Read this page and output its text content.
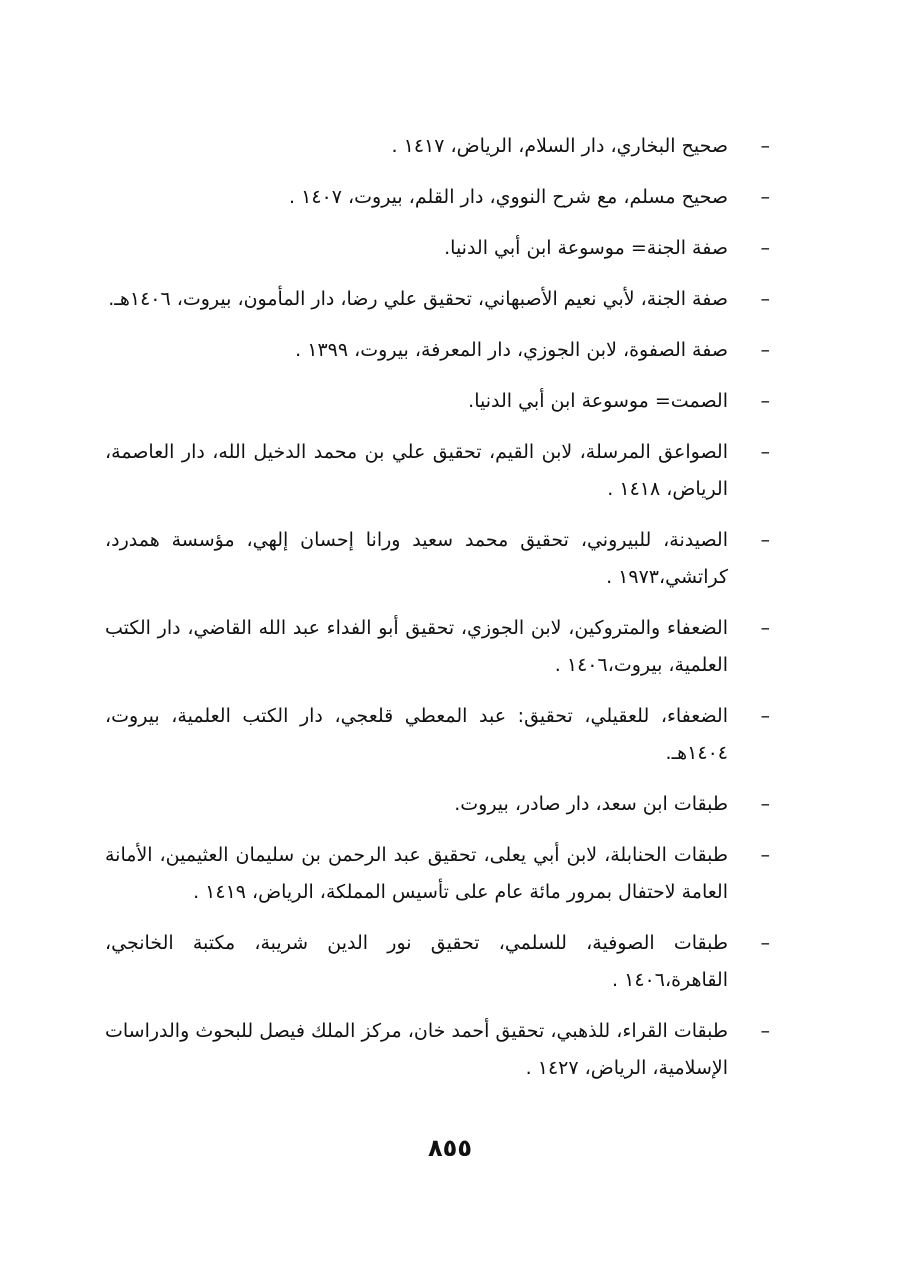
–
صحيح البخاري، دار السلام، الرياض، ١٤١٧ .
–
صحيح مسلم، مع شرح النووي، دار القلم، بيروت، ١٤٠٧ .
–
صفة الجنة= موسوعة ابن أبي الدنيا.
–
صفة الجنة، لأبي نعيم الأصبهاني، تحقيق علي رضا، دار المأمون، بيروت، ١٤٠٦هـ.
–
صفة الصفوة، لابن الجوزي، دار المعرفة، بيروت، ١٣٩٩ .
–
الصمت= موسوعة ابن أبي الدنيا.
–
الصواعق المرسلة، لابن القيم، تحقيق علي بن محمد الدخيل الله، دار العاصمة، الرياض، ١٤١٨ .
–
الصيدنة، للبيروني، تحقيق محمد سعيد ورانا إحسان إلهي، مؤسسة همدرد، كراتشي،١٩٧٣ .
–
الضعفاء والمتروكين، لابن الجوزي، تحقيق أبو الفداء عبد الله القاضي، دار الكتب العلمية، بيروت،١٤٠٦ .
–
الضعفاء، للعقيلي، تحقيق: عبد المعطي قلعجي، دار الكتب العلمية، بيروت، ١٤٠٤هـ.
–
طبقات ابن سعد، دار صادر، بيروت.
–
طبقات الحنابلة، لابن أبي يعلى، تحقيق عبد الرحمن بن سليمان العثيمين، الأمانة العامة لاحتفال بمرور مائة عام على تأسيس المملكة، الرياض، ١٤١٩ .
–
طبقات الصوفية، للسلمي، تحقيق نور الدين شريبة، مكتبة الخانجي، القاهرة،١٤٠٦ .
–
طبقات القراء، للذهبي، تحقيق أحمد خان، مركز الملك فيصل للبحوث والدراسات الإسلامية، الرياض، ١٤٢٧ .
٨٥٥
